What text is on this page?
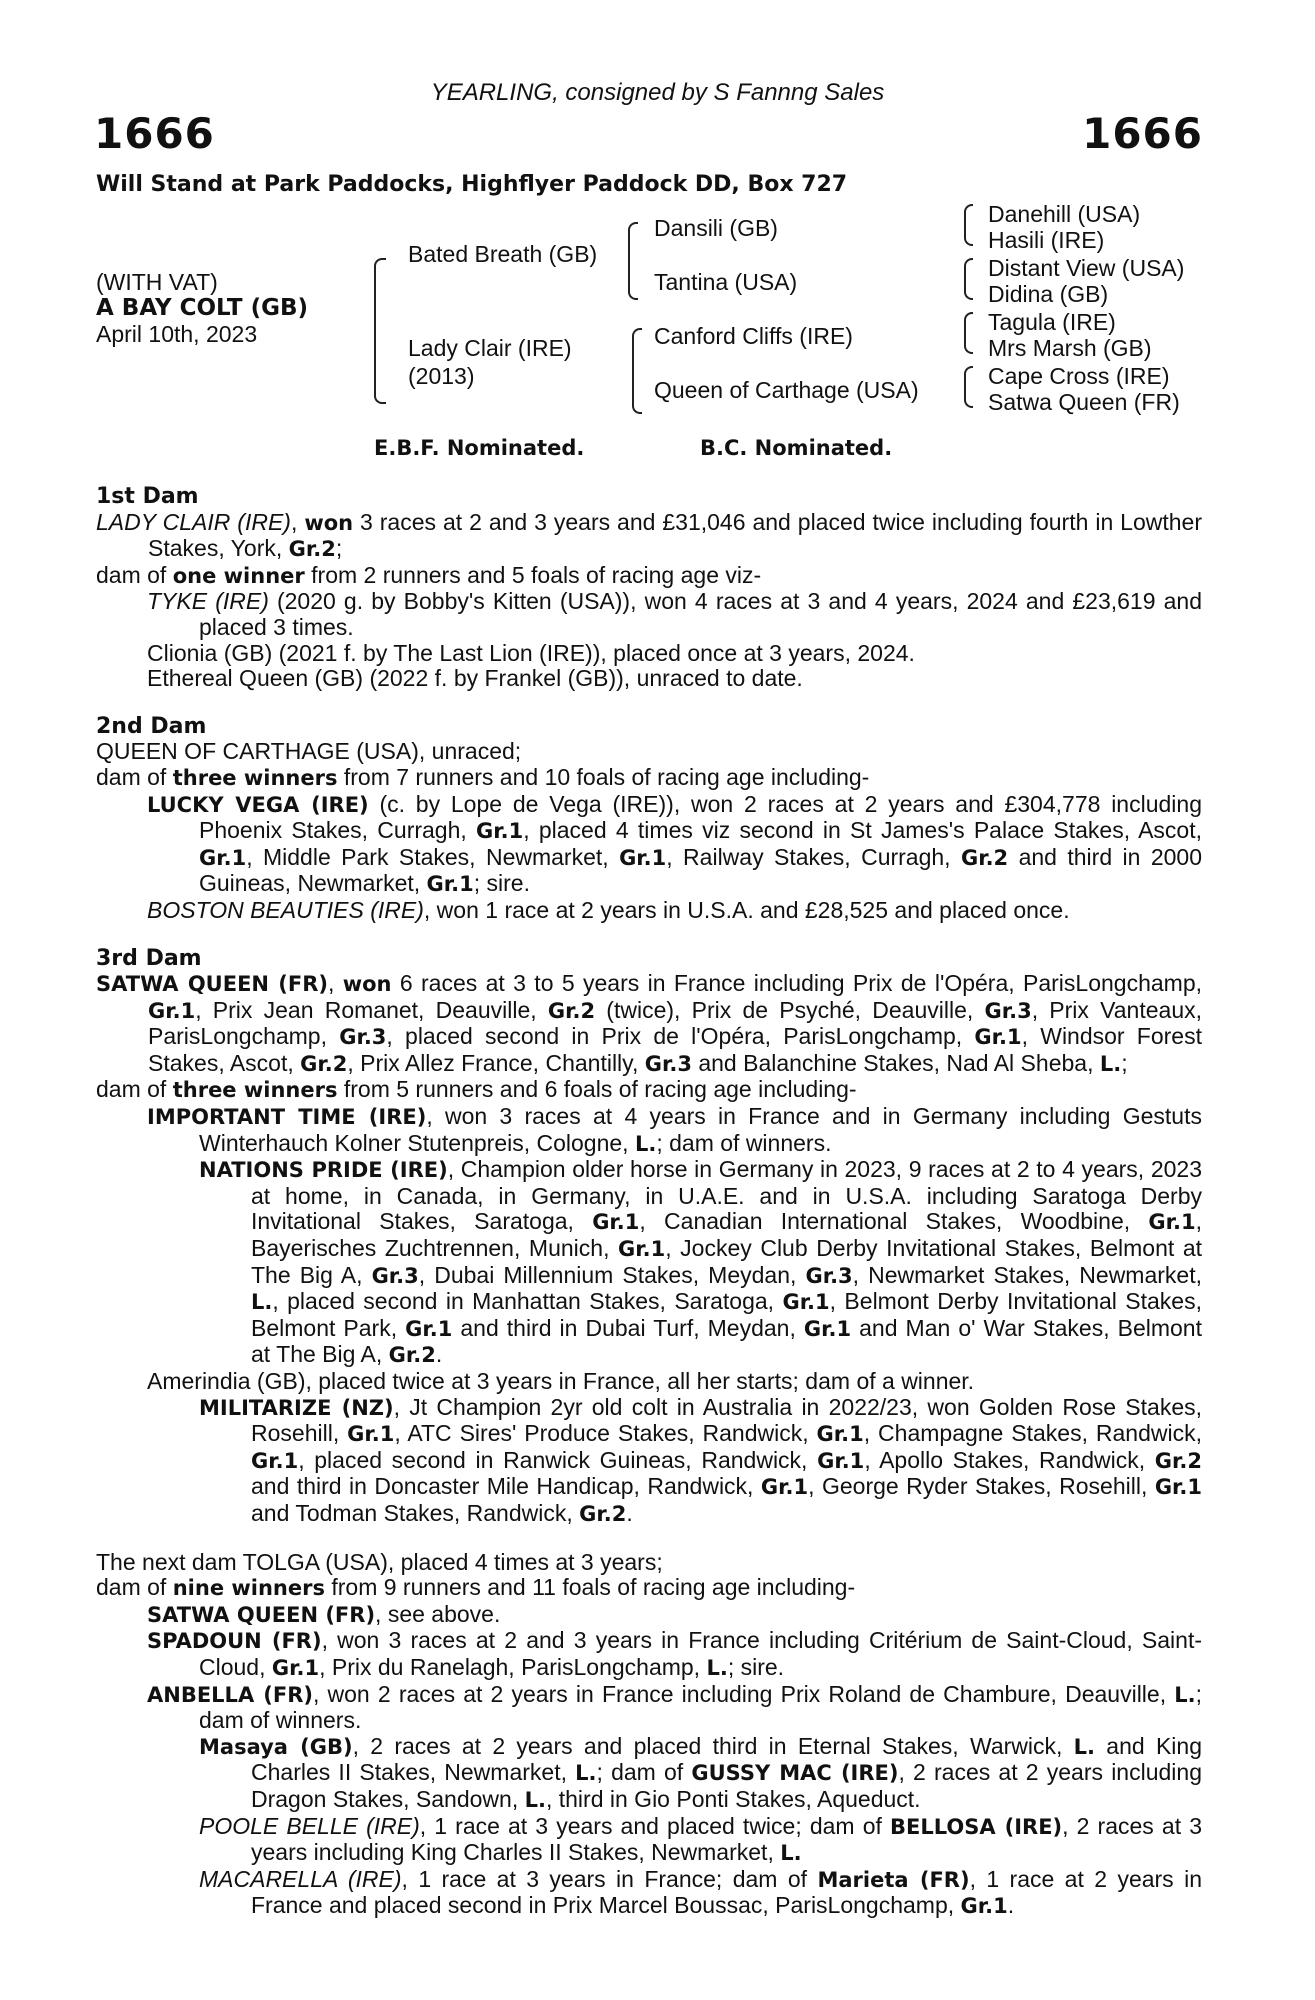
YEARLING, consigned by S Fannng Sales
1666	1666
Will Stand at Park Paddocks, Highflyer Paddock DD, Box 727
(WITH VAT)
A BAY COLT (GB)
April 10th, 2023
Bated Breath (GB)
Lady Clair (IRE)
(2013)
Dansili (GB)
Tantina (USA)
Canford Cliffs (IRE)
Queen of Carthage (USA)
Danehill (USA)
Hasili (IRE)
Distant View (USA)
Didina (GB)
Tagula (IRE)
Mrs Marsh (GB)
Cape Cross (IRE)
Satwa Queen (FR)
E.B.F. Nominated.	B.C. Nominated.
1st Dam

LADY CLAIR (IRE), won 3 races at 2 and 3 years and £31,046 and placed twice including fourth in Lowther Stakes, York, Gr.2;

dam of one winner from 2 runners and 5 foals of racing age viz-

TYKE (IRE) (2020 g. by Bobby's Kitten (USA)), won 4 races at 3 and 4 years, 2024 and £23,619 and placed 3 times.

Clionia (GB) (2021 f. by The Last Lion (IRE)), placed once at 3 years, 2024.

Ethereal Queen (GB) (2022 f. by Frankel (GB)), unraced to date.

2nd Dam

QUEEN OF CARTHAGE (USA), unraced;

dam of three winners from 7 runners and 10 foals of racing age including-

LUCKY VEGA (IRE) (c. by Lope de Vega (IRE)), won 2 races at 2 years and £304,778 including Phoenix Stakes, Curragh, Gr.1, placed 4 times viz second in St James's Palace Stakes, Ascot, Gr.1, Middle Park Stakes, Newmarket, Gr.1, Railway Stakes, Curragh, Gr.2 and third in 2000 Guineas, Newmarket, Gr.1; sire.

BOSTON BEAUTIES (IRE), won 1 race at 2 years in U.S.A. and £28,525 and placed once.

3rd Dam

SATWA QUEEN (FR), won 6 races at 3 to 5 years in France including Prix de l'Opéra, ParisLongchamp, Gr.1, Prix Jean Romanet, Deauville, Gr.2 (twice), Prix de Psyché, Deauville, Gr.3, Prix Vanteaux, ParisLongchamp, Gr.3, placed second in Prix de l'Opéra, ParisLongchamp, Gr.1, Windsor Forest Stakes, Ascot, Gr.2, Prix Allez France, Chantilly, Gr.3 and Balanchine Stakes, Nad Al Sheba, L.;

dam of three winners from 5 runners and 6 foals of racing age including-

IMPORTANT TIME (IRE), won 3 races at 4 years in France and in Germany including Gestuts Winterhauch Kolner Stutenpreis, Cologne, L.; dam of winners.

NATIONS PRIDE (IRE), Champion older horse in Germany in 2023, 9 races at 2 to 4 years, 2023 at home, in Canada, in Germany, in U.A.E. and in U.S.A. including Saratoga Derby Invitational Stakes, Saratoga, Gr.1, Canadian International Stakes, Woodbine, Gr.1, Bayerisches Zuchtrennen, Munich, Gr.1, Jockey Club Derby Invitational Stakes, Belmont at The Big A, Gr.3, Dubai Millennium Stakes, Meydan, Gr.3, Newmarket Stakes, Newmarket, L., placed second in Manhattan Stakes, Saratoga, Gr.1, Belmont Derby Invitational Stakes, Belmont Park, Gr.1 and third in Dubai Turf, Meydan, Gr.1 and Man o' War Stakes, Belmont at The Big A, Gr.2.

Amerindia (GB), placed twice at 3 years in France, all her starts; dam of a winner.

MILITARIZE (NZ), Jt Champion 2yr old colt in Australia in 2022/23, won Golden Rose Stakes, Rosehill, Gr.1, ATC Sires' Produce Stakes, Randwick, Gr.1, Champagne Stakes, Randwick, Gr.1, placed second in Ranwick Guineas, Randwick, Gr.1, Apollo Stakes, Randwick, Gr.2 and third in Doncaster Mile Handicap, Randwick, Gr.1, George Ryder Stakes, Rosehill, Gr.1 and Todman Stakes, Randwick, Gr.2.

The next dam TOLGA (USA), placed 4 times at 3 years;

dam of nine winners from 9 runners and 11 foals of racing age including-

SATWA QUEEN (FR), see above.

SPADOUN (FR), won 3 races at 2 and 3 years in France including Critérium de Saint-Cloud, Saint-Cloud, Gr.1, Prix du Ranelagh, ParisLongchamp, L.; sire.

ANBELLA (FR), won 2 races at 2 years in France including Prix Roland de Chambure, Deauville, L.; dam of winners.

Masaya (GB), 2 races at 2 years and placed third in Eternal Stakes, Warwick, L. and King Charles II Stakes, Newmarket, L.; dam of GUSSY MAC (IRE), 2 races at 2 years including Dragon Stakes, Sandown, L., third in Gio Ponti Stakes, Aqueduct.

POOLE BELLE (IRE), 1 race at 3 years and placed twice; dam of BELLOSA (IRE), 2 races at 3 years including King Charles II Stakes, Newmarket, L.

MACARELLA (IRE), 1 race at 3 years in France; dam of Marieta (FR), 1 race at 2 years in France and placed second in Prix Marcel Boussac, ParisLongchamp, Gr.1.
